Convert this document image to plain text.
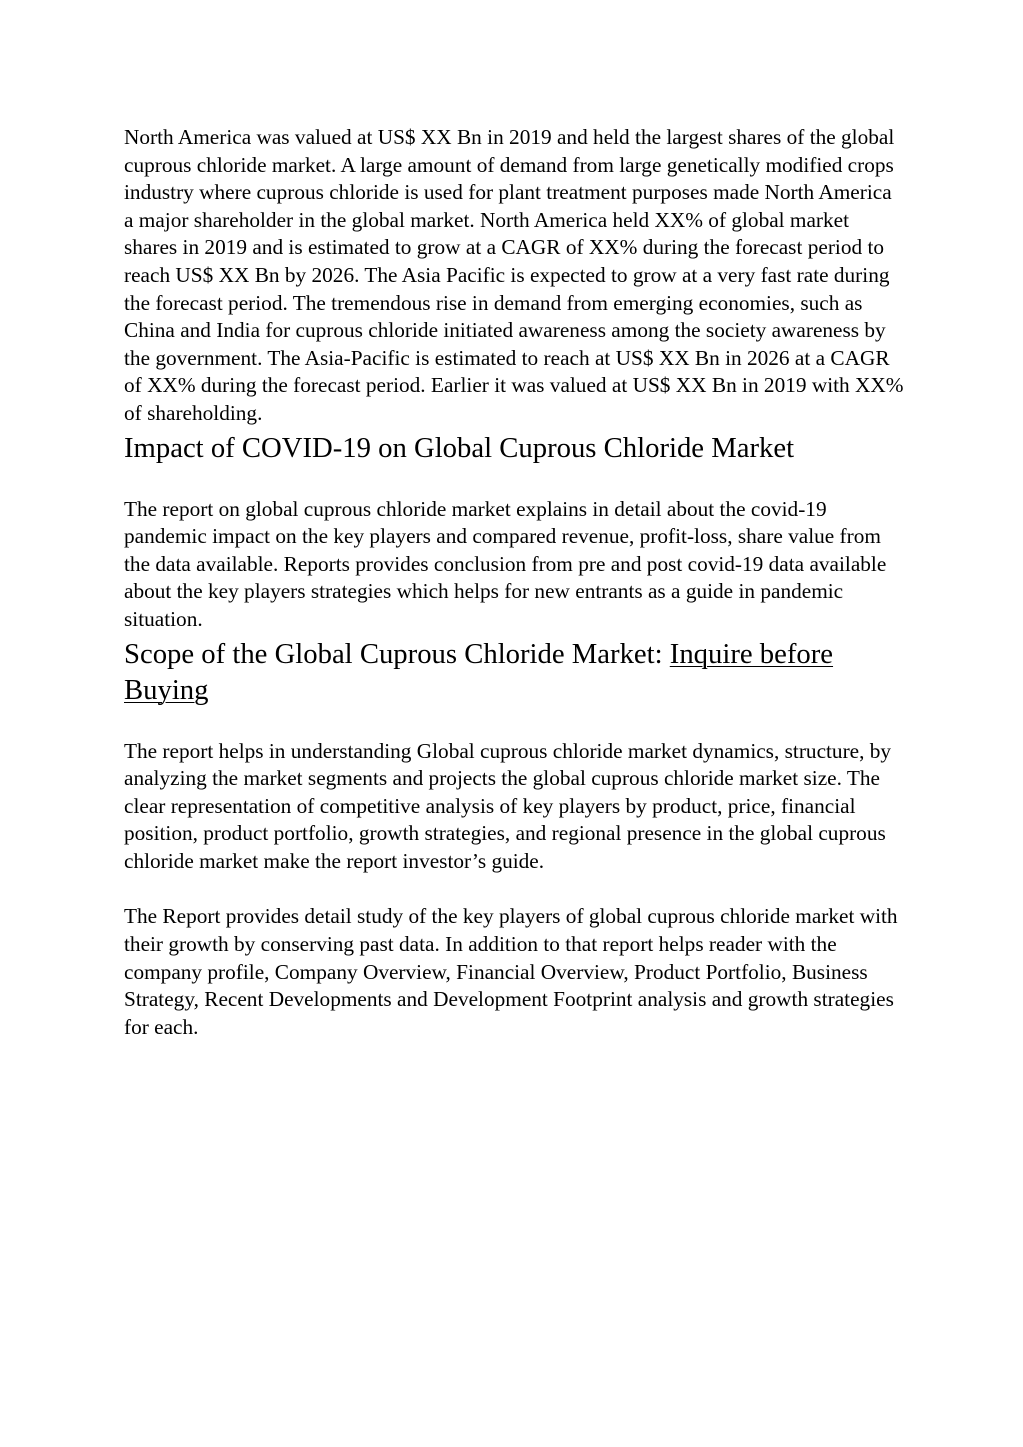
North America was valued at US$ XX Bn in 2019 and held the largest shares of the global cuprous chloride market. A large amount of demand from large genetically modified crops industry where cuprous chloride is used for plant treatment purposes made North America a major shareholder in the global market. North America held XX% of global market shares in 2019 and is estimated to grow at a CAGR of XX% during the forecast period to reach US$ XX Bn by 2026. The Asia Pacific is expected to grow at a very fast rate during the forecast period. The tremendous rise in demand from emerging economies, such as China and India for cuprous chloride initiated awareness among the society awareness by the government. The Asia-Pacific is estimated to reach at US$ XX Bn in 2026 at a CAGR of XX% during the forecast period. Earlier it was valued at US$ XX Bn in 2019 with XX% of shareholding.

Impact of COVID-19 on Global Cuprous Chloride Market

The report on global cuprous chloride market explains in detail about the covid-19 pandemic impact on the key players and compared revenue, profit-loss, share value from the data available. Reports provides conclusion from pre and post covid-19 data available about the key players strategies which helps for new entrants as a guide in pandemic situation.

Scope of the Global Cuprous Chloride Market: Inquire before Buying

The report helps in understanding Global cuprous chloride market dynamics, structure, by analyzing the market segments and projects the global cuprous chloride market size. The clear representation of competitive analysis of key players by product, price, financial position, product portfolio, growth strategies, and regional presence in the global cuprous chloride market make the report investor’s guide.

The Report provides detail study of the key players of global cuprous chloride market with their growth by conserving past data. In addition to that report helps reader with the company profile, Company Overview, Financial Overview, Product Portfolio, Business Strategy, Recent Developments and Development Footprint analysis and growth strategies for each.
